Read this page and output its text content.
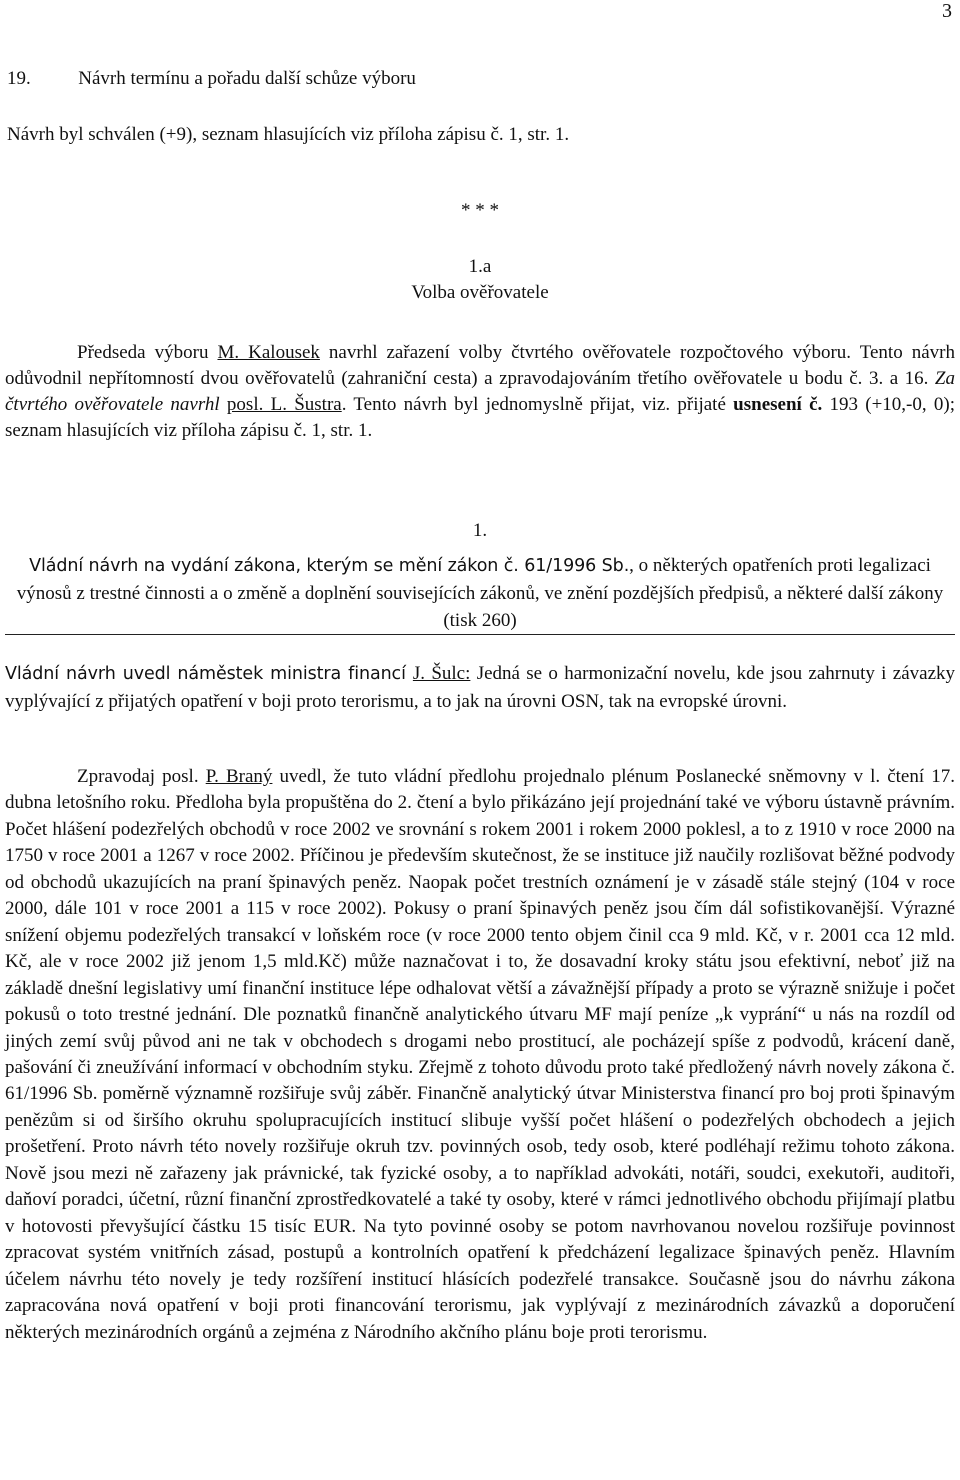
3
19.	Návrh termínu a pořadu další schůze výboru

Návrh byl schválen (+9), seznam hlasujících viz příloha zápisu č. 1, str. 1.

* * *
1.a
Volba ověřovatele

Předseda výboru M. Kalousek navrhl zařazení volby čtvrtého ověřovatele rozpočtového výboru. Tento návrh odůvodnil nepřítomností dvou ověřovatelů (zahraniční cesta) a zpravodajováním třetího ověřovatele u bodu č. 3. a 16. Za čtvrtého ověřovatele navrhl posl. L. Šustra. Tento návrh byl jednomyslně přijat, viz. přijaté usnesení č. 193 (+10,-0, 0); seznam hlasujících viz příloha zápisu č. 1, str. 1.

1.

Vládní návrh na vydání zákona, kterým se mění zákon č. 61/1996 Sb., o některých opatřeních proti legalizaci výnosů z trestné činnosti a o změně a doplnění souvisejících zákonů, ve znění pozdějších předpisů, a některé další zákony (tisk 260)

Vládní návrh uvedl náměstek ministra financí J. Šulc: Jedná se o harmonizační novelu, kde jsou zahrnuty i závazky vyplývající z přijatých opatření v boji proto terorismu, a to jak na úrovni OSN, tak na evropské úrovni.

Zpravodaj posl. P. Braný uvedl, že tuto vládní předlohu projednalo plénum Poslanecké sněmovny v l. čtení 17. dubna letošního roku. Předloha byla propuštěna do 2. čtení a bylo přikázáno její projednání také ve výboru ústavně právním. Počet hlášení podezřelých obchodů v roce 2002 ve srovnání s rokem 2001 i rokem 2000 poklesl, a to z 1910 v roce 2000 na 1750 v roce 2001 a 1267 v roce 2002. Příčinou je především skutečnost, že se instituce již naučily rozlišovat běžné podvody od obchodů ukazujících na praní špinavých peněz. Naopak počet trestních oznámení je v zásadě stále stejný (104 v roce 2000, dále 101 v roce 2001 a 115 v roce 2002). Pokusy o praní špinavých peněz jsou čím dál sofistikovanější. Výrazné snížení objemu podezřelých transakcí v loňském roce (v roce 2000 tento objem činil cca 9 mld. Kč, v r. 2001 cca 12 mld. Kč, ale v roce 2002 již jenom 1,5 mld.Kč) může naznačovat i to, že dosavadní kroky státu jsou efektivní, neboť již na základě dnešní legislativy umí finanční instituce lépe odhalovat větší a závažnější případy a proto se výrazně snižuje i počet pokusů o toto trestné jednání. Dle poznatků finančně analytického útvaru MF mají peníze „k vyprání“ u nás na rozdíl od jiných zemí svůj původ ani ne tak v obchodech s drogami nebo prostitucí, ale pocházejí spíše z podvodů, krácení daně, pašování či zneužívání informací v obchodním styku. Zřejmě z tohoto důvodu proto také předložený návrh novely zákona č. 61/1996 Sb. poměrně významně rozšiřuje svůj záběr. Finančně analytický útvar Ministerstva financí pro boj proti špinavým penězům si od širšího okruhu spolupracujících institucí slibuje vyšší počet hlášení o podezřelých obchodech a jejich prošetření. Proto návrh této novely rozšiřuje okruh tzv. povinných osob, tedy osob, které podléhají režimu tohoto zákona. Nově jsou mezi ně zařazeny jak právnické, tak fyzické osoby, a to například advokáti, notáři, soudci, exekutoři, auditoři, daňoví poradci, účetní, různí finanční zprostředkovatelé a také ty osoby, které v rámci jednotlivého obchodu přijímají platbu v hotovosti převyšující částku 15 tisíc EUR. Na tyto povinné osoby se potom navrhovanou novelou rozšiřuje povinnost zpracovat systém vnitřních zásad, postupů a kontrolních opatření k předcházení legalizace špinavých peněz. Hlavním účelem návrhu této novely je tedy rozšíření institucí hlásících podezřelé transakce. Současně jsou do návrhu zákona zapracována nová opatření v boji proti financování terorismu, jak vyplývají z mezinárodních závazků a doporučení některých mezinárodních orgánů a zejména z Národního akčního plánu boje proti terorismu.
